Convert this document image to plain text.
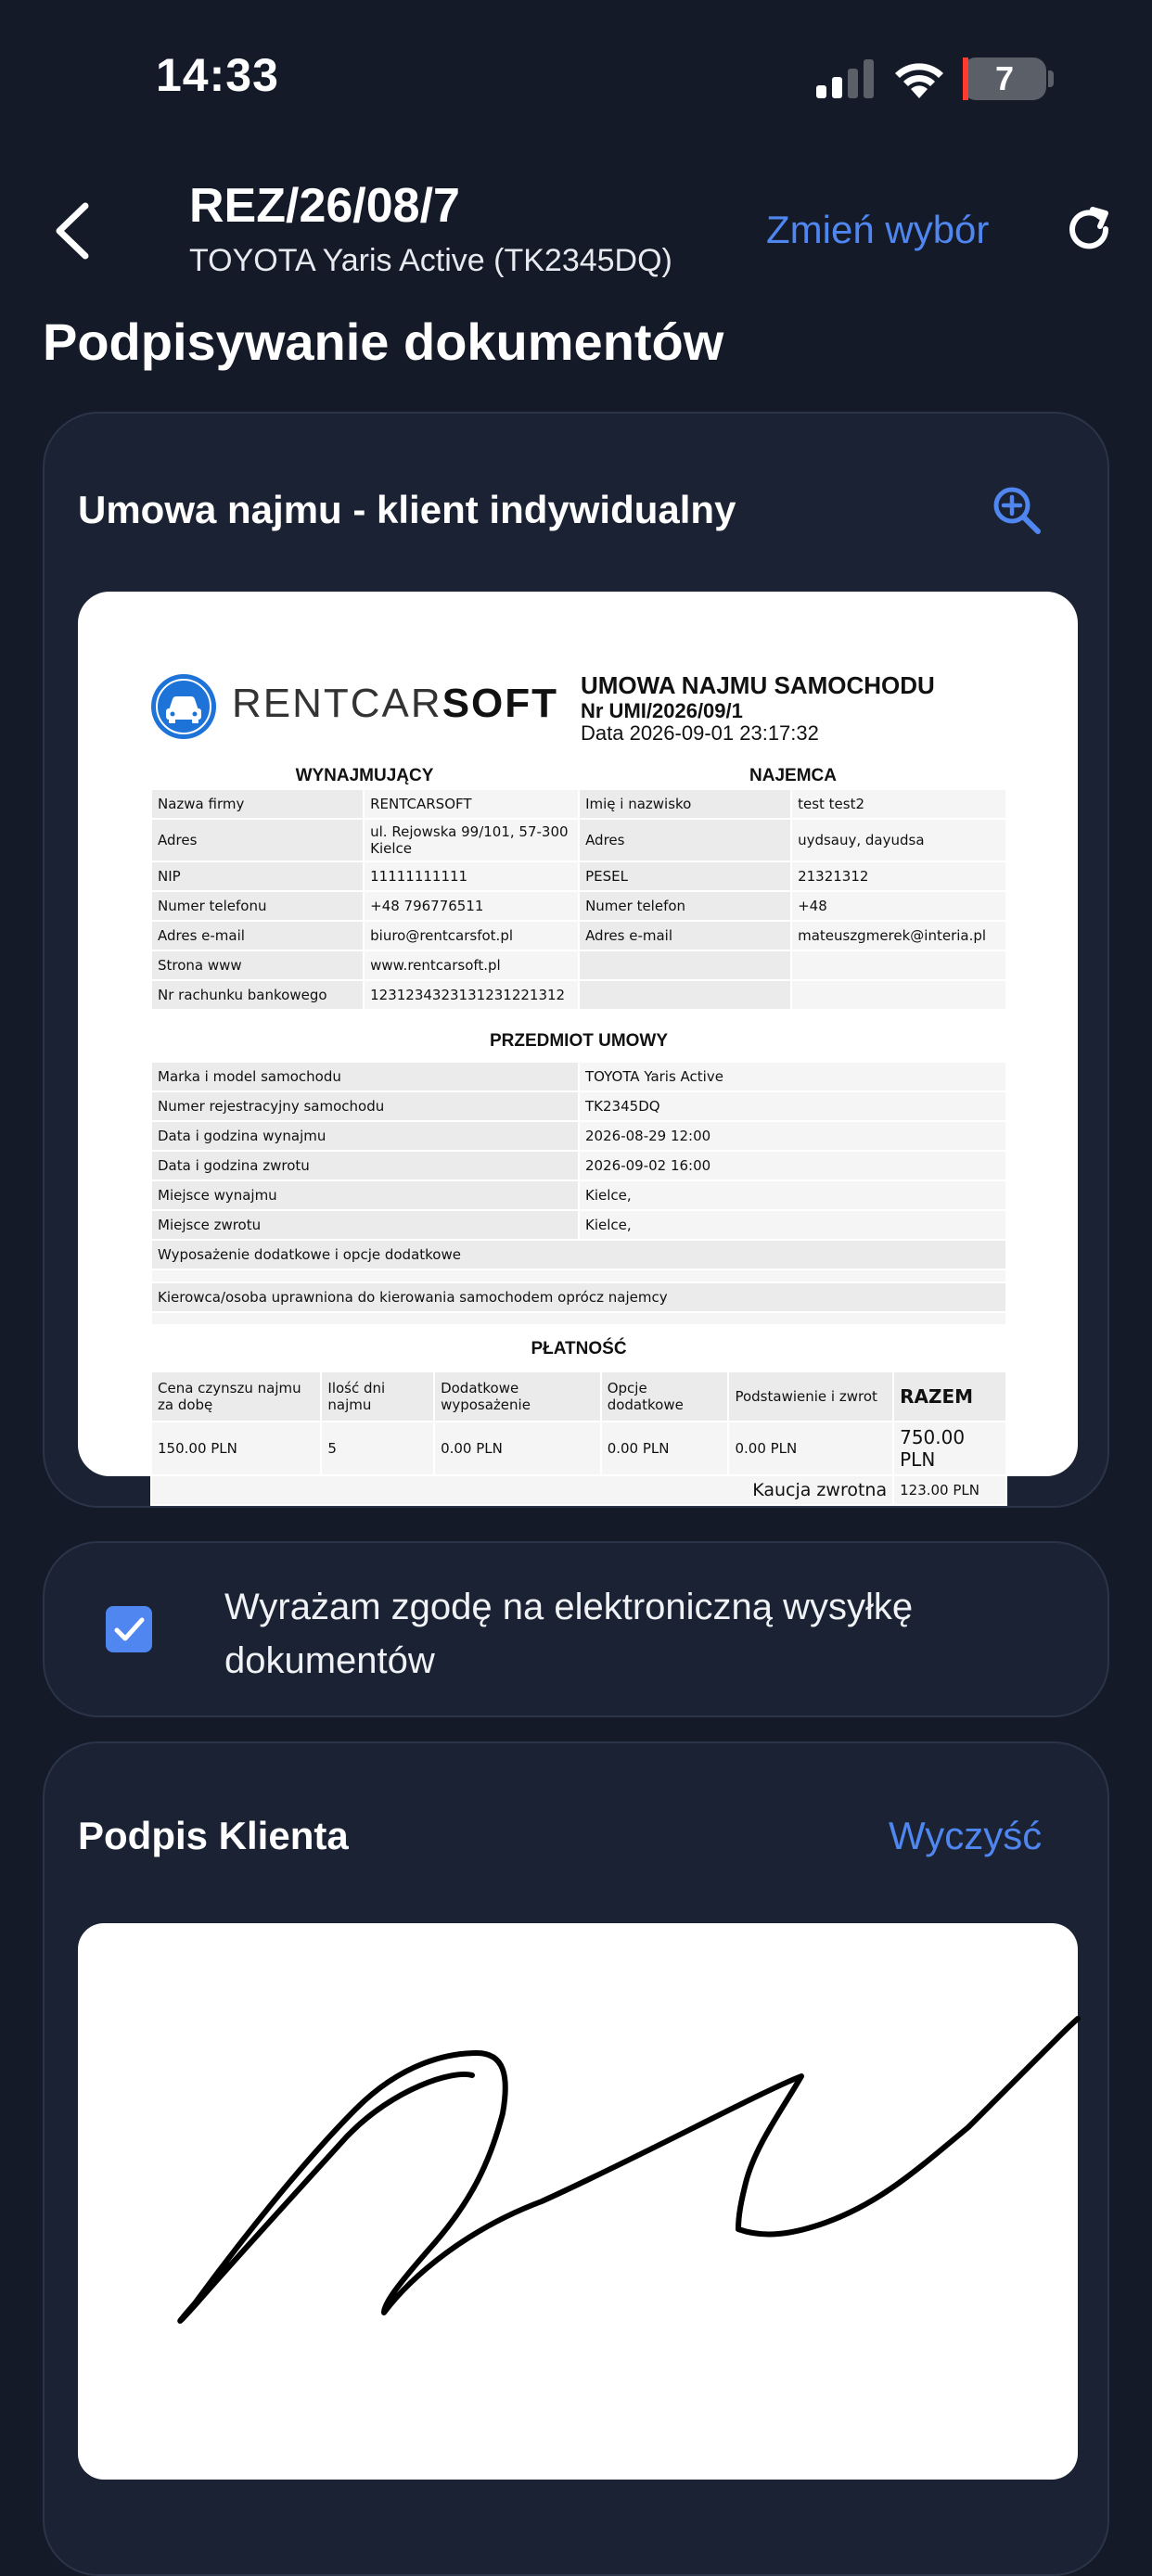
14:33	7
REZ/26/08/7
TOYOTA Yaris Active (TK2345DQ)
Zmień wybór
Podpisywanie dokumentów
Umowa najmu - klient indywidualny
RENTCARSOFT UMOWA NAJMU SAMOCHODU
Nr UMI/2026/09/1
Data 2026-09-01 23:17:32
WYNAJMUJĄCY	NAJEMCA
Nazwa firmy	RENTCARSOFT	Imię i nazwisko	test test2
Adres	ul. Rejowska 99/101, 57-300 Kielce	Adres	uydsauy, dayudsa
NIP	11111111111	PESEL	21321312
Numer telefonu	+48 796776511	Numer telefon	+48
Adres e-mail	biuro@rentcarsfot.pl	Adres e-mail	mateuszgmerek@interia.pl
Strona www	www.rentcarsoft.pl		
Nr rachunku bankowego	1231234323131231221312		
PRZEDMIOT UMOWY
Marka i model samochodu	TOYOTA Yaris Active
Numer rejestracyjny samochodu	TK2345DQ
Data i godzina wynajmu	2026-08-29 12:00
Data i godzina zwrotu	2026-09-02 16:00
Miejsce wynajmu	Kielce,
Miejsce zwrotu	Kielce,
Wyposażenie dodatkowe i opcje dodatkowe	

Kierowca/osoba uprawniona do kierowania samochodem oprócz najemcy	

PŁATNOŚĆ
Cena czynszu najmu za dobę	Ilość dni najmu	Dodatkowe wyposażenie	Opcje dodatkowe	Podstawienie i zwrot	RAZEM
150.00 PLN	5	0.00 PLN	0.00 PLN	0.00 PLN	750.00 PLN
Kaucja zwrotna					123.00 PLN
Wyrażam zgodę na elektroniczną wysyłkę dokumentów
Podpis Klienta	Wyczyść
